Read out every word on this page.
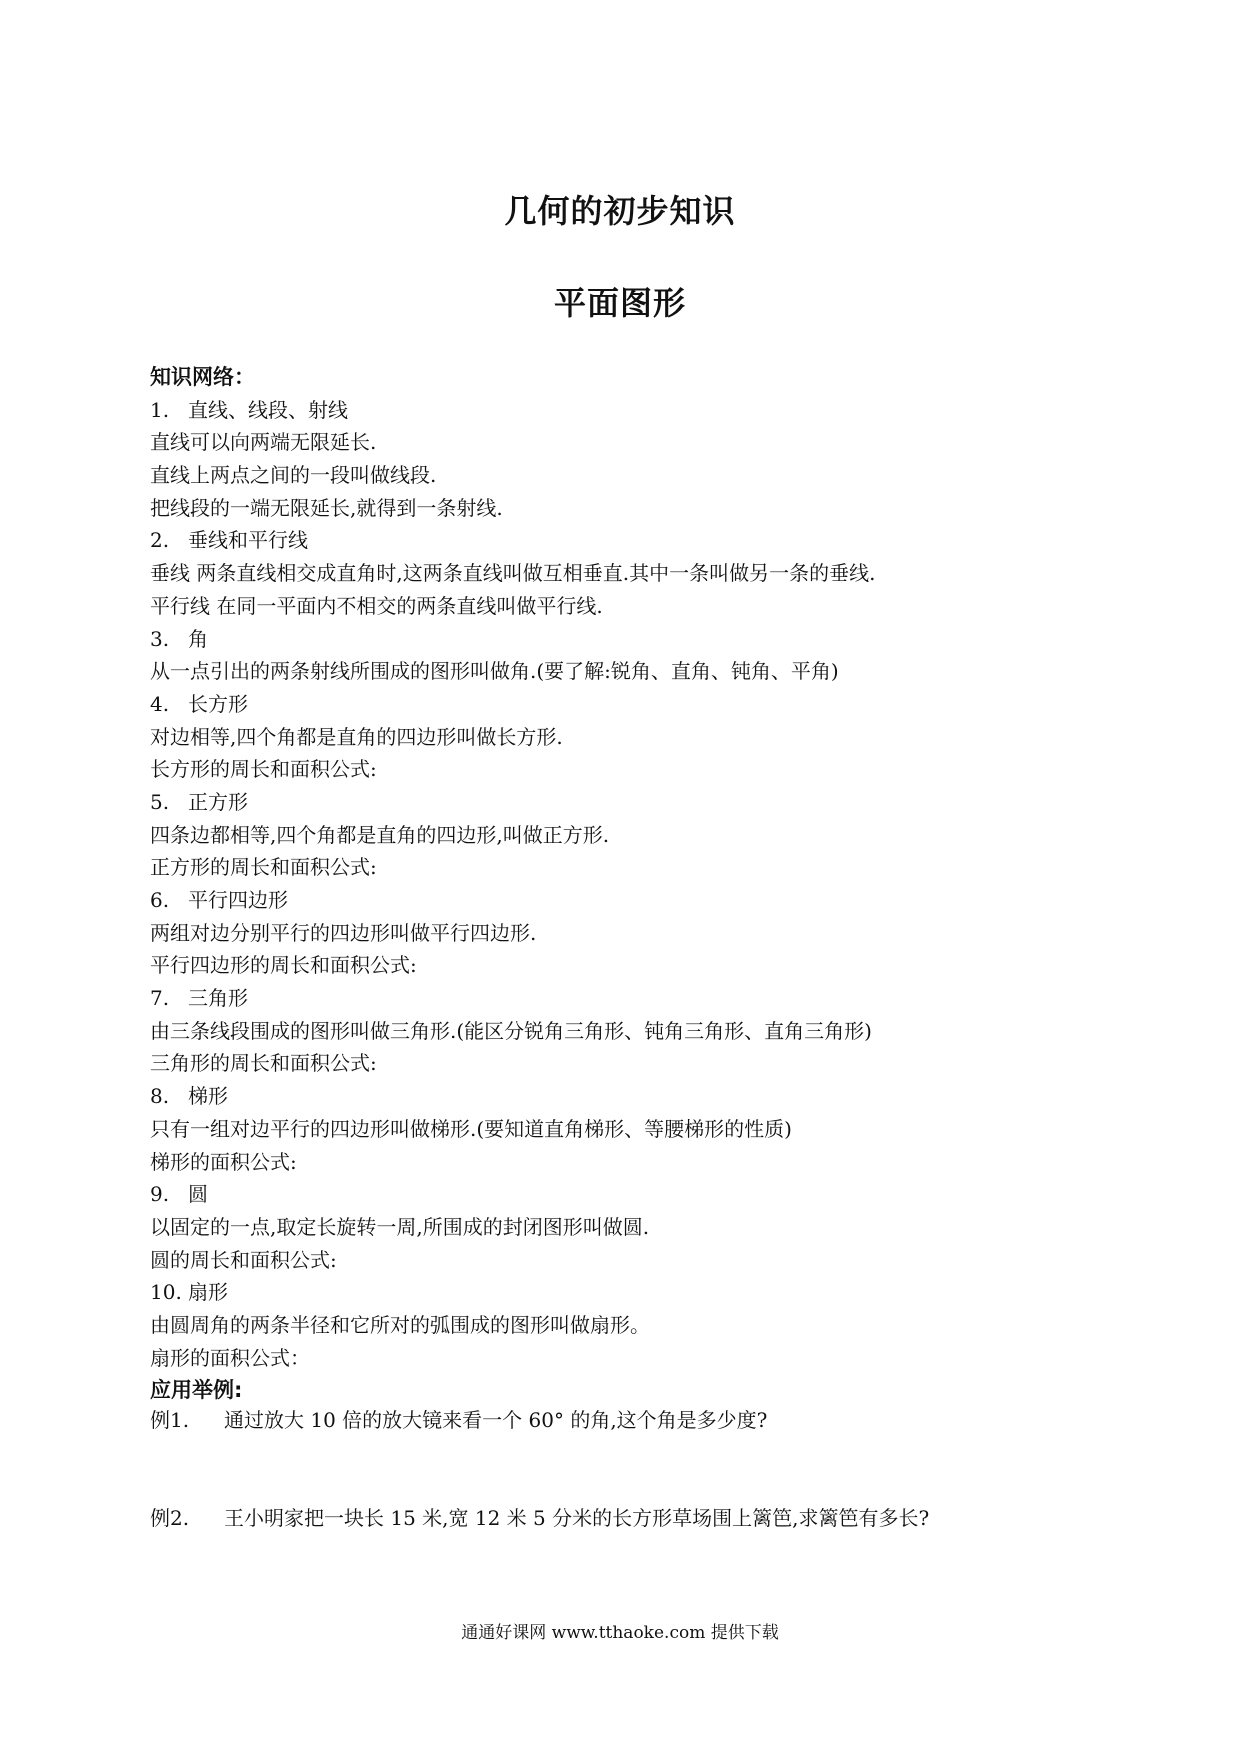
几何的初步知识
平面图形
知识网络：
1. 直线、线段、射线
直线可以向两端无限延长.
直线上两点之间的一段叫做线段.
把线段的一端无限延长,就得到一条射线.
2. 垂线和平行线
垂线 两条直线相交成直角时,这两条直线叫做互相垂直.其中一条叫做另一条的垂线.
平行线 在同一平面内不相交的两条直线叫做平行线.
3. 角
从一点引出的两条射线所围成的图形叫做角.(要了解:锐角、直角、钝角、平角)
4. 长方形
对边相等,四个角都是直角的四边形叫做长方形.
长方形的周长和面积公式:
5. 正方形
四条边都相等,四个角都是直角的四边形,叫做正方形.
正方形的周长和面积公式:
6. 平行四边形
两组对边分别平行的四边形叫做平行四边形.
平行四边形的周长和面积公式:
7. 三角形
由三条线段围成的图形叫做三角形.(能区分锐角三角形、钝角三角形、直角三角形)
三角形的周长和面积公式:
8. 梯形
只有一组对边平行的四边形叫做梯形.(要知道直角梯形、等腰梯形的性质)
梯形的面积公式:
9. 圆
以固定的一点,取定长旋转一周,所围成的封闭图形叫做圆.
圆的周长和面积公式:
10. 扇形
由圆周角的两条半径和它所对的弧围成的图形叫做扇形。
扇形的面积公式：
应用举例:
例1. 通过放大 10 倍的放大镜来看一个 60° 的角,这个角是多少度?
例2. 王小明家把一块长 15 米,宽 12 米 5 分米的长方形草场围上篱笆,求篱笆有多长?
通通好课网 www.tthaoke.com 提供下载
